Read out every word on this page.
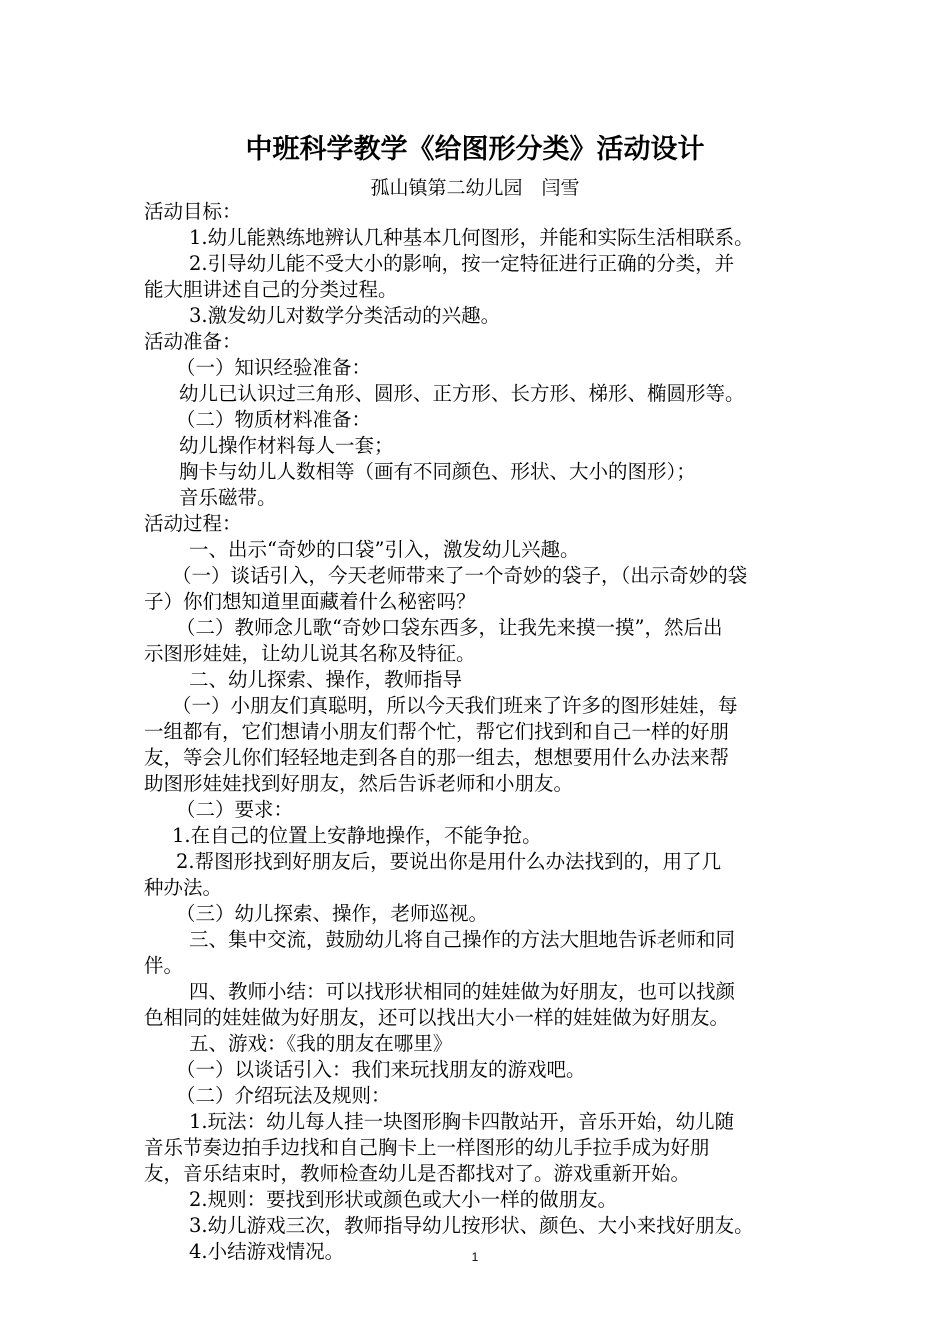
中班科学教学《给图形分类》活动设计
孤山镇第二幼儿园　闫雪
活动目标：
1.幼儿能熟练地辨认几种基本几何图形，并能和实际生活相联系。
2.引导幼儿能不受大小的影响，按一定特征进行正确的分类，并
能大胆讲述自己的分类过程。
3.激发幼儿对数学分类活动的兴趣。
活动准备：
（一）知识经验准备：
幼儿已认识过三角形、圆形、正方形、长方形、梯形、椭圆形等。
（二）物质材料准备：
幼儿操作材料每人一套；
胸卡与幼儿人数相等（画有不同颜色、形状、大小的图形）；
音乐磁带。
活动过程：
一、出示“奇妙的口袋”引入，激发幼儿兴趣。
（一）谈话引入，今天老师带来了一个奇妙的袋子，（出示奇妙的袋
子）你们想知道里面藏着什么秘密吗？
（二）教师念儿歌“奇妙口袋东西多，让我先来摸一摸”，然后出
示图形娃娃，让幼儿说其名称及特征。
二、幼儿探索、操作，教师指导
（一）小朋友们真聪明，所以今天我们班来了许多的图形娃娃，每
一组都有，它们想请小朋友们帮个忙，帮它们找到和自己一样的好朋
友，等会儿你们轻轻地走到各自的那一组去，想想要用什么办法来帮
助图形娃娃找到好朋友，然后告诉老师和小朋友。
（二）要求：
1.在自己的位置上安静地操作，不能争抢。
2.帮图形找到好朋友后，要说出你是用什么办法找到的，用了几
种办法。
（三）幼儿探索、操作，老师巡视。
三、集中交流，鼓励幼儿将自己操作的方法大胆地告诉老师和同
伴。
四、教师小结：可以找形状相同的娃娃做为好朋友，也可以找颜
色相同的娃娃做为好朋友，还可以找出大小一样的娃娃做为好朋友。
五、游戏：《我的朋友在哪里》
（一）以谈话引入：我们来玩找朋友的游戏吧。
（二）介绍玩法及规则：
1.玩法：幼儿每人挂一块图形胸卡四散站开，音乐开始，幼儿随
音乐节奏边拍手边找和自己胸卡上一样图形的幼儿手拉手成为好朋
友，音乐结束时，教师检查幼儿是否都找对了。游戏重新开始。
2.规则：要找到形状或颜色或大小一样的做朋友。
3.幼儿游戏三次，教师指导幼儿按形状、颜色、大小来找好朋友。
4.小结游戏情况。	1
